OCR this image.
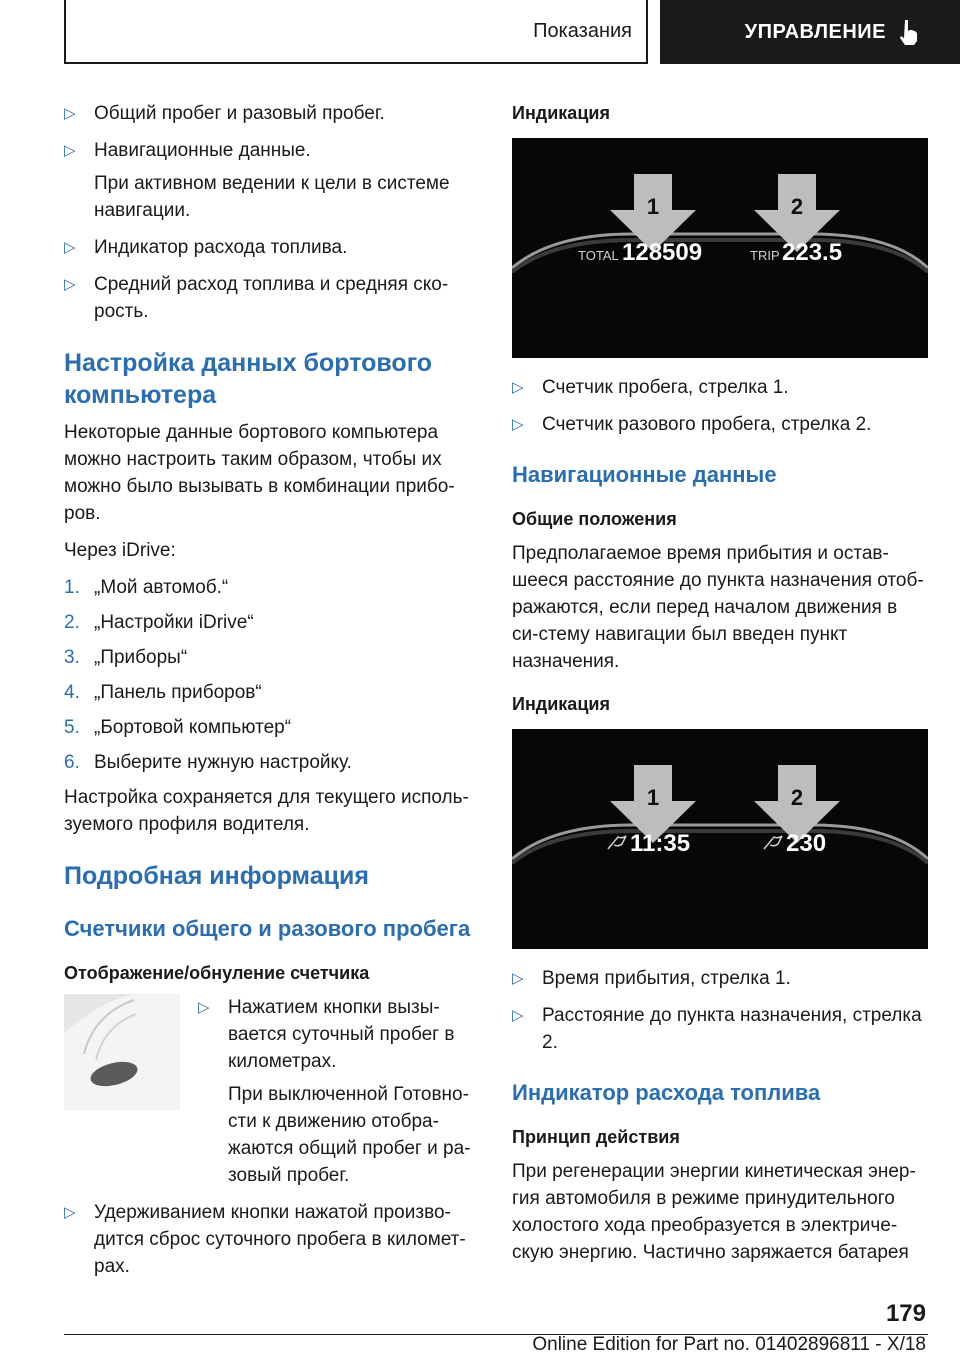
Показания	УПРАВЛЕНИЕ
▷ Общий пробег и разовый пробег.
▷ Навигационные данные.
При активном ведении к цели в системе навигации.
▷ Индикатор расхода топлива.
▷ Средний расход топлива и средняя ско-рость.
Настройка данных бортового компьютера

Некоторые данные бортового компьютера можно настроить таким образом, чтобы их можно было вызывать в комбинации прибо-ров.

Через iDrive:

1. „Мой автомоб.“
2. „Настройки iDrive“
3. „Приборы“
4. „Панель приборов“
5. „Бортовой компьютер“
6. Выберите нужную настройку.

Настройка сохраняется для текущего исполь-зуемого профиля водителя.

Подробная информация
Счетчики общего и разового пробега
Отображение/обнуление счетчика
▷ Нажатием кнопки вызы-вается суточный пробег в километрах.
При выключенной Готовно-сти к движению отобра-жаются общий пробег и ра-зовый пробег.
▷ Удерживанием кнопки нажатой произво-дится сброс суточного пробега в километ-рах.
Индикация
1	2
TOTAL 128509	TRIP 223.5
▷ Счетчик пробега, стрелка 1.
▷ Счетчик разового пробега, стрелка 2.
Навигационные данные
Общие положения

Предполагаемое время прибытия и остав-шееся расстояние до пункта назначения отоб-ражаются, если перед началом движения в си-стему навигации был введен пункт назначения.

Индикация
1	2
11:35	230
▷ Время прибытия, стрелка 1.
▷ Расстояние до пункта назначения, стрелка 2.
Индикатор расхода топлива
Принцип действия

При регенерации энергии кинетическая энер-гия автомобиля в режиме принудительного холостого хода преобразуется в электриче-скую энергию. Частично заряжается батарея

179
Online Edition for Part no. 01402896811 - X/18
